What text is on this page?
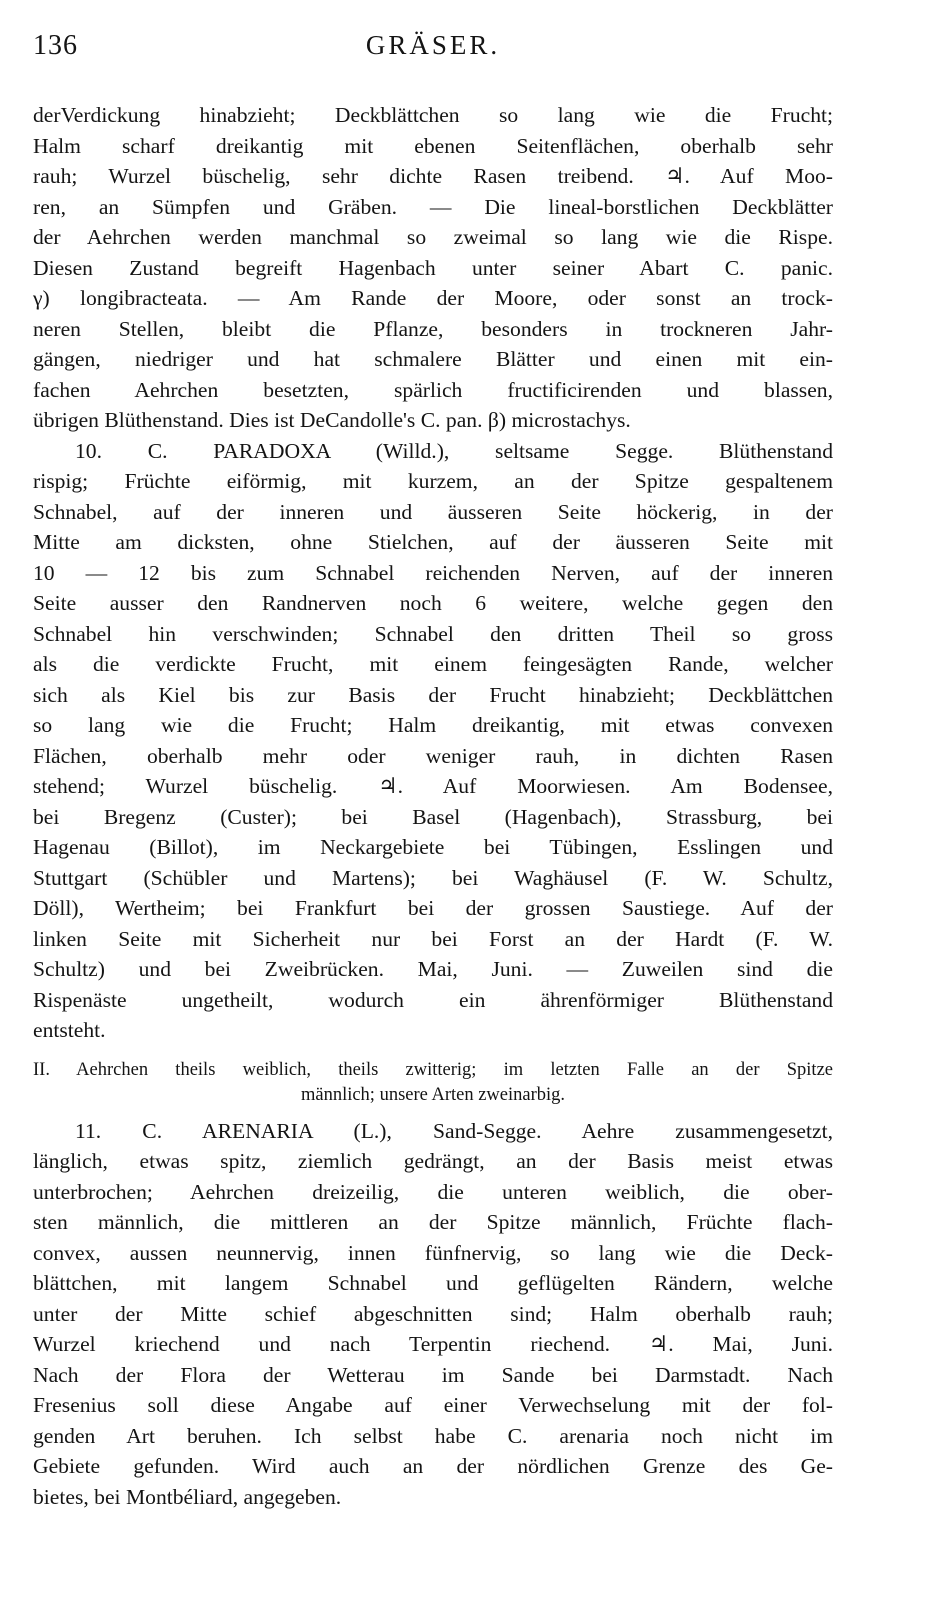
136	GRÄSER.

derVerdickung hinabzieht; Deckblättchen so lang wie die Frucht;
Halm scharf dreikantig mit ebenen Seitenflächen, oberhalb sehr
rauh; Wurzel büschelig, sehr dichte Rasen treibend. ♃. Auf Moo-
ren, an Sümpfen und Gräben. — Die lineal-borstlichen Deckblätter
der Aehrchen werden manchmal so zweimal so lang wie die Rispe.
Diesen Zustand begreift Hagenbach unter seiner Abart C. panic.
γ) longibracteata. — Am Rande der Moore, oder sonst an trock-
neren Stellen, bleibt die Pflanze, besonders in trockneren Jahr-
gängen, niedriger und hat schmalere Blätter und einen mit ein-
fachen Aehrchen besetzten, spärlich fructificirenden und blassen,
übrigen Blüthenstand. Dies ist DeCandolle's C. pan. β) microstachys.

10. C. PARADOXA (Willd.), seltsame Segge. Blüthenstand
rispig; Früchte eiförmig, mit kurzem, an der Spitze gespaltenem
Schnabel, auf der inneren und äusseren Seite höckerig, in der
Mitte am dicksten, ohne Stielchen, auf der äusseren Seite mit
10 — 12 bis zum Schnabel reichenden Nerven, auf der inneren
Seite ausser den Randnerven noch 6 weitere, welche gegen den
Schnabel hin verschwinden; Schnabel den dritten Theil so gross
als die verdickte Frucht, mit einem feingesägten Rande, welcher
sich als Kiel bis zur Basis der Frucht hinabzieht; Deckblättchen
so lang wie die Frucht; Halm dreikantig, mit etwas convexen
Flächen, oberhalb mehr oder weniger rauh, in dichten Rasen
stehend; Wurzel büschelig. ♃. Auf Moorwiesen. Am Bodensee,
bei Bregenz (Custer); bei Basel (Hagenbach), Strassburg, bei
Hagenau (Billot), im Neckargebiete bei Tübingen, Esslingen und
Stuttgart (Schübler und Martens); bei Waghäusel (F. W. Schultz,
Döll), Wertheim; bei Frankfurt bei der grossen Saustiege. Auf der
linken Seite mit Sicherheit nur bei Forst an der Hardt (F. W.
Schultz) und bei Zweibrücken. Mai, Juni. — Zuweilen sind die
Rispenäste ungetheilt, wodurch ein ährenförmiger Blüthenstand
entsteht.

II. Aehrchen theils weiblich, theils zwitterig; im letzten Falle an der Spitze
männlich; unsere Arten zweinarbig.

11. C. ARENARIA (L.), Sand-Segge. Aehre zusammengesetzt,
länglich, etwas spitz, ziemlich gedrängt, an der Basis meist etwas
unterbrochen; Aehrchen dreizeilig, die unteren weiblich, die ober-
sten männlich, die mittleren an der Spitze männlich, Früchte flach-
convex, aussen neunnervig, innen fünfnervig, so lang wie die Deck-
blättchen, mit langem Schnabel und geflügelten Rändern, welche
unter der Mitte schief abgeschnitten sind; Halm oberhalb rauh;
Wurzel kriechend und nach Terpentin riechend. ♃. Mai, Juni.
Nach der Flora der Wetterau im Sande bei Darmstadt. Nach
Fresenius soll diese Angabe auf einer Verwechselung mit der fol-
genden Art beruhen. Ich selbst habe C. arenaria noch nicht im
Gebiete gefunden. Wird auch an der nördlichen Grenze des Ge-
bietes, bei Montbéliard, angegeben.
